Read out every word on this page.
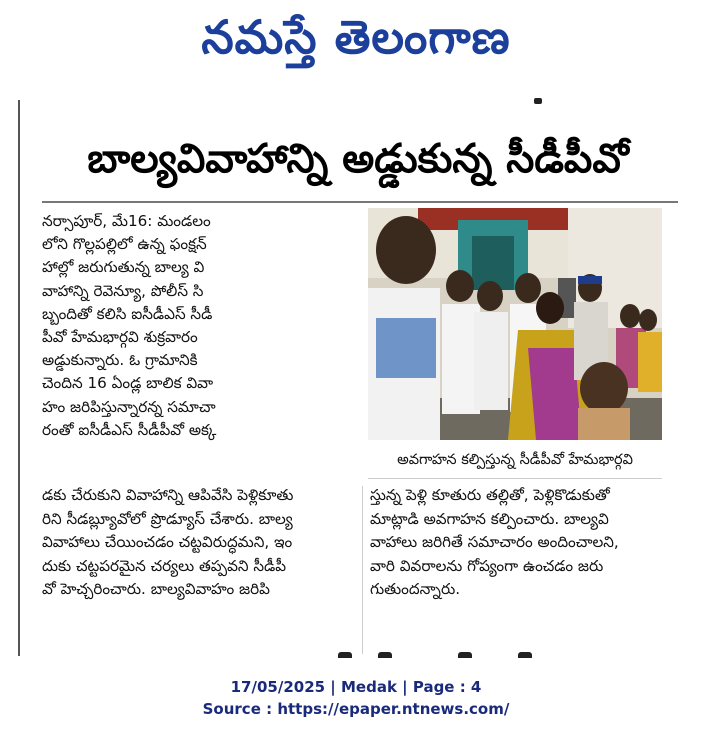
నమస్తే తెలంగాణ
బాల్యవివాహాన్ని అడ్డుకున్న సీడీపీవో
నర్సాపూర్, మే16: మండలం
లోని గొల్లపల్లిలో ఉన్న ఫంక్షన్
హాల్లో జరుగుతున్న బాల్య వి
వాహాన్ని రెవెన్యూ, పోలీస్ సి
బ్బందితో కలిసి ఐసీడీఎస్ సీడీ
పీవో హేమభార్గవి శుక్రవారం
అడ్డుకున్నారు. ఓ గ్రామానికి
చెందిన 16 ఏండ్ల బాలిక వివా
హం జరిపిస్తున్నారన్న సమాచా
రంతో ఐసీడీఎస్ సీడీపీవో అక్క
అవగాహన కల్పిస్తున్న సీడీపీవో హేమభార్గవి
డకు చేరుకుని వివాహాన్ని ఆపివేసి పెళ్లికూతు
రిని సీడబ్ల్యూవోలో ప్రొడ్యూస్ చేశారు. బాల్య
వివాహాలు చేయించడం చట్టవిరుద్ధమని, ఇం
దుకు చట్టపరమైన చర్యలు తప్పవని సీడీపీ
వో హెచ్చరించారు. బాల్యవివాహం జరిపి
స్తున్న పెళ్లి కూతురు తల్లితో, పెళ్లికొడుకుతో
మాట్లాడి అవగాహన కల్పించారు. బాల్యవి
వాహాలు జరిగితే సమాచారం అందించాలని,
వారి వివరాలను గోప్యంగా ఉంచడం జరు
గుతుందన్నారు.
17/05/2025 | Medak | Page : 4
Source : https://epaper.ntnews.com/
